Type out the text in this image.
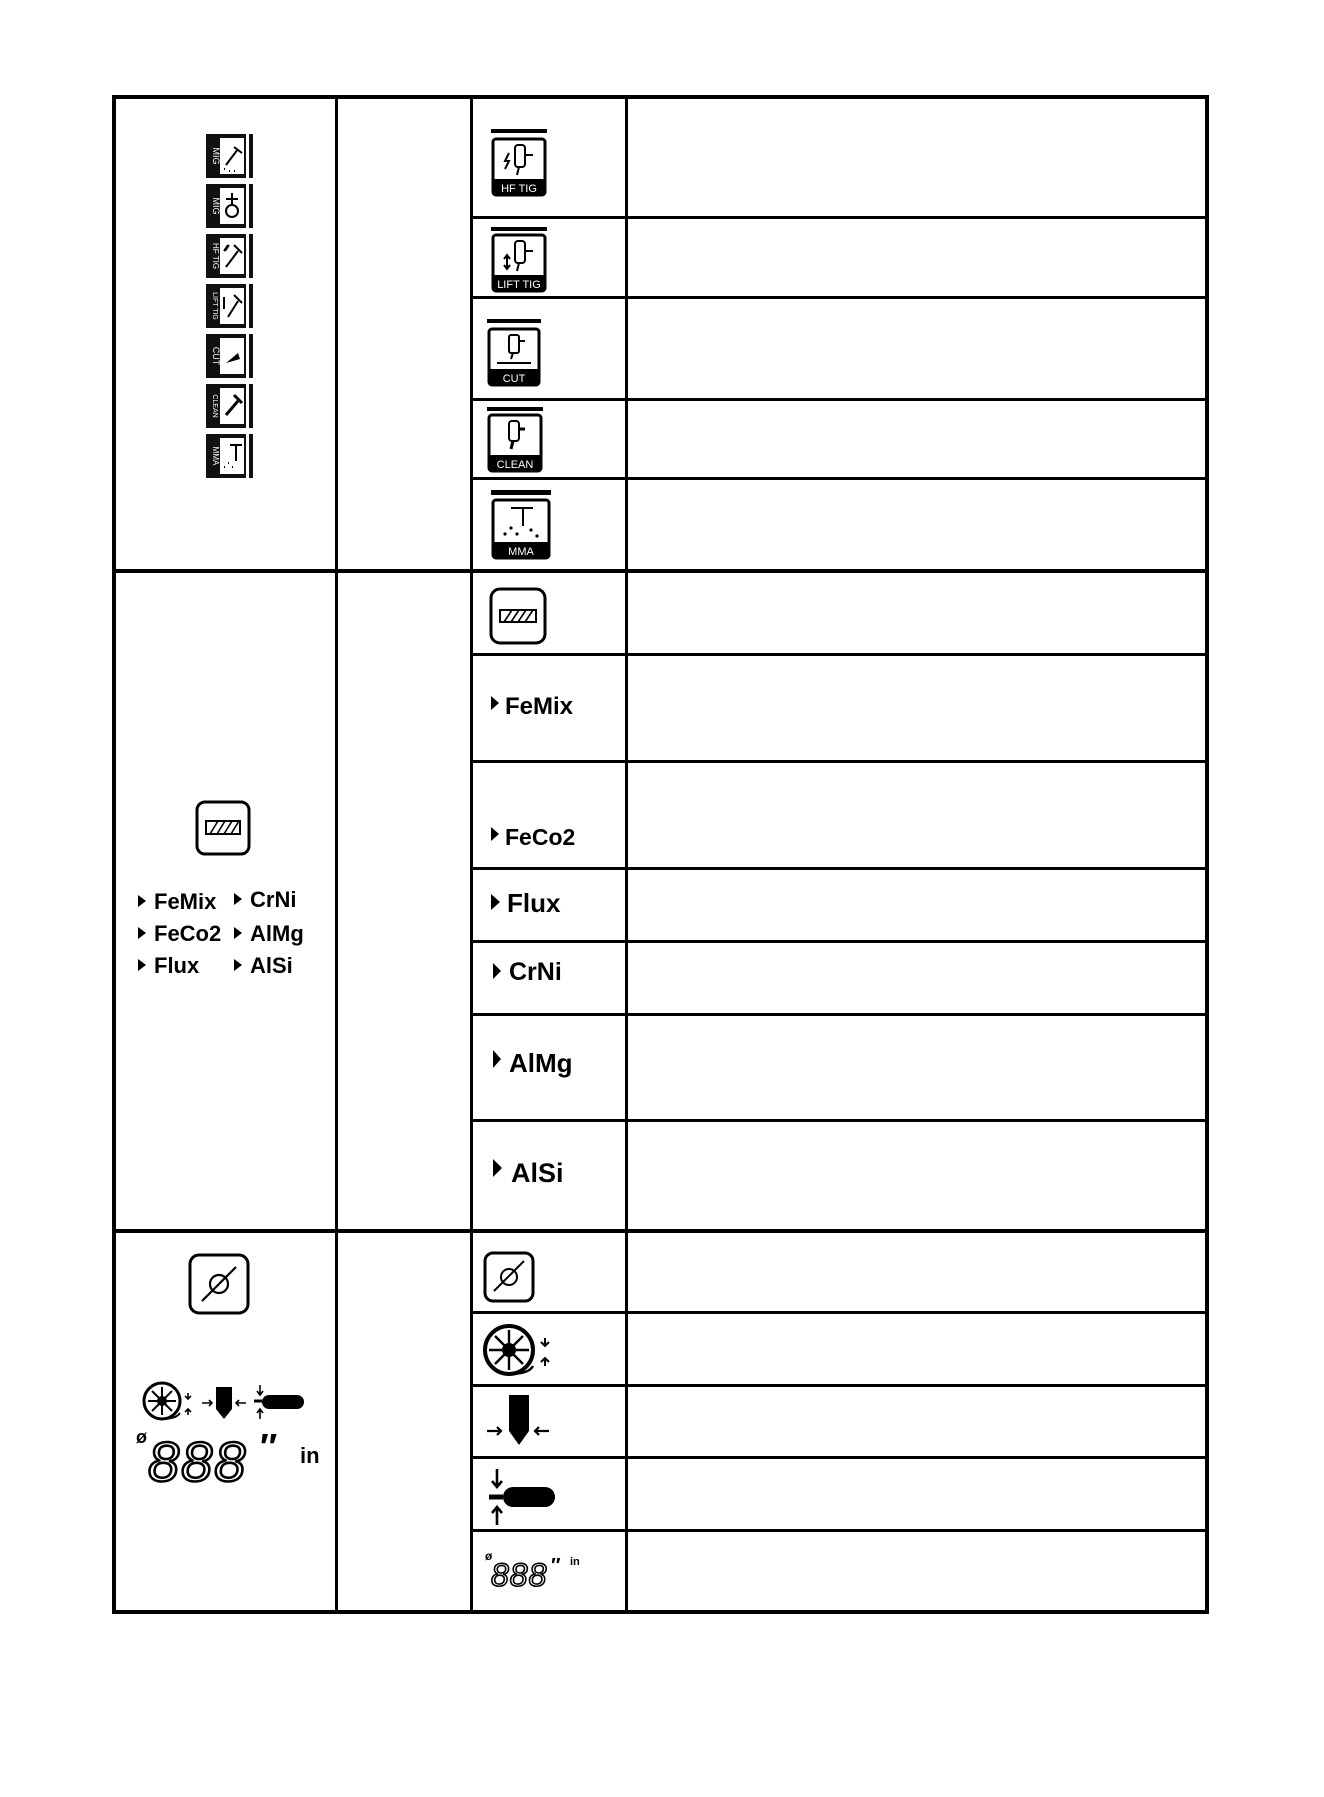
MIG
MIG
HF TIG
LIFT TIG
CUT
CLEAN
MMA
HF TIG
LIFT TIG
CUT
CLEAN
MMA
FeMix CrNi
FeCo2 AlMg
Flux AlSi
FeMix
FeCo2
Flux
CrNi
AlMg
AlSi
ø 888 ″ in
ø
888 ″ in
